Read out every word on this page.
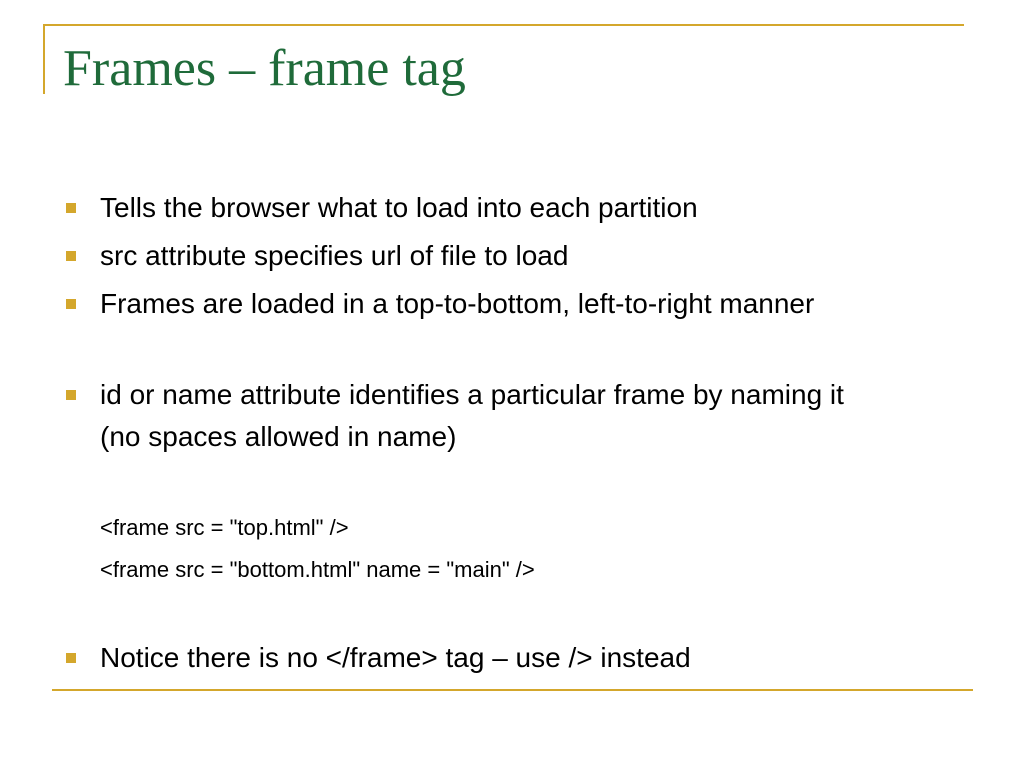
Frames – frame tag

Tells the browser what to load into each partition

src attribute specifies url of file to load

Frames are loaded in a top-to-bottom, left-to-right manner

id or name attribute identifies a particular frame by naming it (no spaces allowed in name)

Notice there is no </frame> tag – use /> instead

<frame src = "top.html" />

<frame src = "bottom.html" name = "main" />
